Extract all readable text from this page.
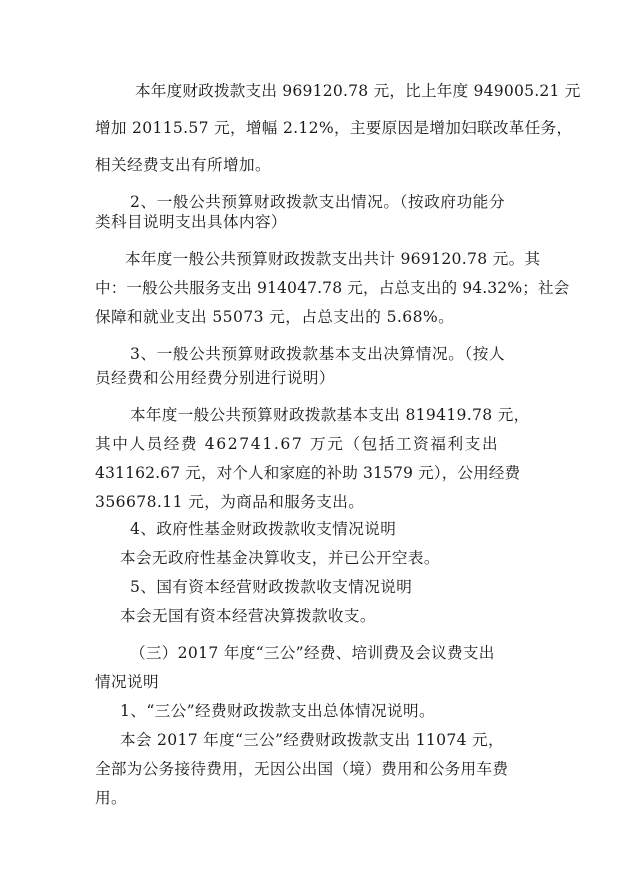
本年度财政拨款支出 969120.78 元，比上年度 949005.21 元
增加 20115.57 元，增幅 2.12%，主要原因是增加妇联改革任务，
相关经费支出有所增加。
2、一般公共预算财政拨款支出情况。（按政府功能分
类科目说明支出具体内容）
本年度一般公共预算财政拨款支出共计 969120.78 元。其
中：一般公共服务支出 914047.78 元，占总支出的 94.32%；社会
保障和就业支出 55073 元，占总支出的 5.68%。
3、一般公共预算财政拨款基本支出决算情况。（按人
员经费和公用经费分别进行说明）
本年度一般公共预算财政拨款基本支出 819419.78 元，
其中人员经费 462741.67 万元（包括工资福利支出
431162.67 元，对个人和家庭的补助 31579 元），公用经费
356678.11 元，为商品和服务支出。
4、政府性基金财政拨款收支情况说明
本会无政府性基金决算收支，并已公开空表。
5、国有资本经营财政拨款收支情况说明
本会无国有资本经营决算拨款收支。
（三）2017 年度“三公”经费、培训费及会议费支出
情况说明
1、“三公”经费财政拨款支出总体情况说明。
本会 2017 年度“三公”经费财政拨款支出 11074 元，
全部为公务接待费用，无因公出国（境）费用和公务用车费
用。
